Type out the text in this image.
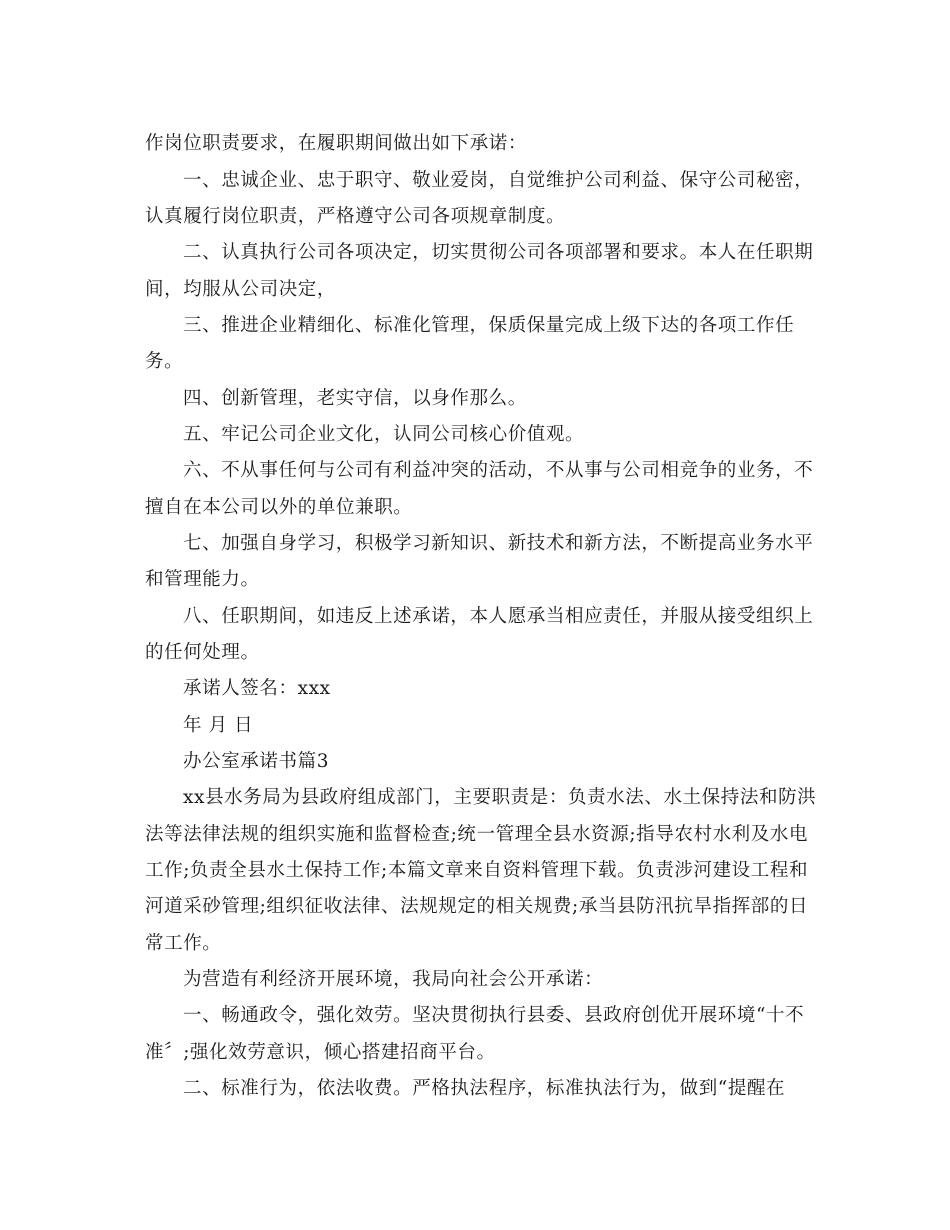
作岗位职责要求，在履职期间做出如下承诺：
一、忠诚企业、忠于职守、敬业爱岗，自觉维护公司利益、保守公司秘密，
认真履行岗位职责，严格遵守公司各项规章制度。
二、认真执行公司各项决定，切实贯彻公司各项部署和要求。本人在任职期
间，均服从公司决定，
三、推进企业精细化、标准化管理，保质保量完成上级下达的各项工作任
务。
四、创新管理，老实守信，以身作那么。
五、牢记公司企业文化，认同公司核心价值观。
六、不从事任何与公司有利益冲突的活动，不从事与公司相竞争的业务，不
擅自在本公司以外的单位兼职。
七、加强自身学习，积极学习新知识、新技术和新方法，不断提高业务水平
和管理能力。
八、任职期间，如违反上述承诺，本人愿承当相应责任，并服从接受组织上
的任何处理。
承诺人签名：xxx
年 月 日
办公室承诺书篇3
xx县水务局为县政府组成部门，主要职责是：负责水法、水土保持法和防洪
法等法律法规的组织实施和监督检查;统一管理全县水资源;指导农村水利及水电
工作;负责全县水土保持工作;本篇文章来自资料管理下载。负责涉河建设工程和
河道采砂管理;组织征收法律、法规规定的相关规费;承当县防汛抗旱指挥部的日
常工作。
为营造有利经济开展环境，我局向社会公开承诺：
一、畅通政令，强化效劳。坚决贯彻执行县委、县政府创优开展环境“十不
准〞;强化效劳意识，倾心搭建招商平台。
二、标准行为，依法收费。严格执法程序，标准执法行为，做到“提醒在
